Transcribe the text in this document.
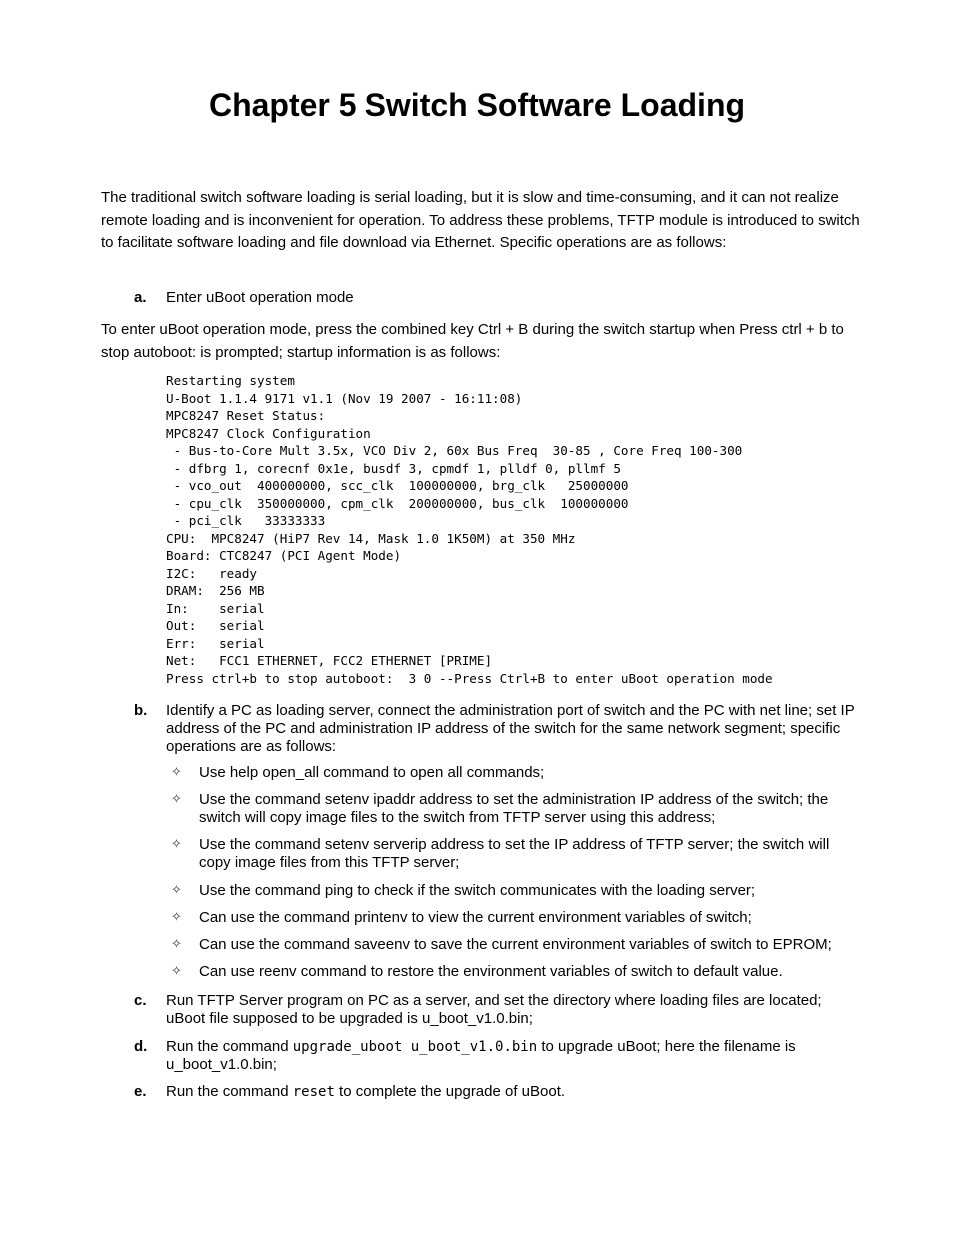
Chapter 5 Switch Software Loading

The traditional switch software loading is serial loading, but it is slow and time-consuming, and it can not realize remote loading and is inconvenient for operation. To address these problems, TFTP module is introduced to switch to facilitate software loading and file download via Ethernet. Specific operations are as follows:

a.	Enter uBoot operation mode

To enter uBoot operation mode, press the combined key Ctrl + B during the switch startup when Press ctrl + b to stop autoboot: is prompted; startup information is as follows:

Restarting system
U-Boot 1.1.4 9171 v1.1 (Nov 19 2007 - 16:11:08)
MPC8247 Reset Status:
MPC8247 Clock Configuration
- Bus-to-Core Mult 3.5x, VCO Div 2, 60x Bus Freq  30-85 , Core Freq 100-300
- dfbrg 1, corecnf 0x1e, busdf 3, cpmdf 1, plldf 0, pllmf 5
- vco_out  400000000, scc_clk  100000000, brg_clk   25000000
- cpu_clk  350000000, cpm_clk  200000000, bus_clk  100000000
- pci_clk   33333333
CPU:  MPC8247 (HiP7 Rev 14, Mask 1.0 1K50M) at 350 MHz
Board: CTC8247 (PCI Agent Mode)
I2C:   ready
DRAM:  256 MB
In:    serial
Out:   serial
Err:   serial
Net:   FCC1 ETHERNET, FCC2 ETHERNET [PRIME]
Press ctrl+b to stop autoboot:  3 0 --Press Ctrl+B to enter uBoot operation mode

b.	Identify a PC as loading server, connect the administration port of switch and the PC with net line; set IP address of the PC and administration IP address of the switch for the same network segment; specific operations are as follows:
✧ Use help open_all command to open all commands;
✧ Use the command setenv ipaddr address to set the administration IP address of the switch; the switch will copy image files to the switch from TFTP server using this address;
✧ Use the command setenv serverip address to set the IP address of TFTP server; the switch will copy image files from this TFTP server;
✧ Use the command ping to check if the switch communicates with the loading server;
✧ Can use the command printenv to view the current environment variables of switch;
✧ Can use the command saveenv to save the current environment variables of switch to EPROM;
✧ Can use reenv command to restore the environment variables of switch to default value.
c.	Run TFTP Server program on PC as a server, and set the directory where loading files are located; uBoot file supposed to be upgraded is u_boot_v1.0.bin;
d.	Run the command upgrade_uboot u_boot_v1.0.bin to upgrade uBoot; here the filename is u_boot_v1.0.bin;
e.	Run the command reset to complete the upgrade of uBoot.
